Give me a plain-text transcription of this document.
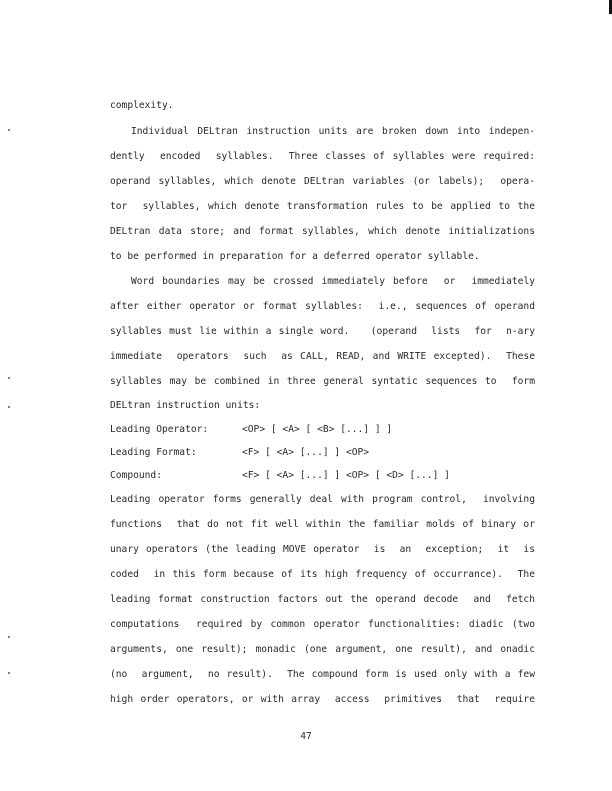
complexity.
Individual DELtran instruction units are broken down into indepen-
dently  encoded  syllables.  Three classes of syllables were required:
operand syllables, which denote DELtran variables (or labels);  opera-
tor  syllables, which denote transformation rules to be applied to the
DELtran data store; and format syllables, which denote initializations
to be performed in preparation for a deferred operator syllable.
Word boundaries may be crossed immediately before  or  immediately
after either operator or format syllables:  i.e., sequences of operand
syllables must lie within a single word.   (operand  lists  for  n-ary
immediate  operators  such  as CALL, READ, and WRITE excepted).  These
syllables may be combined in three general syntatic sequences to  form
DELtran instruction units:
Leading Operator:	<OP> [ <A> [ <B> [...] ] ]
Leading Format:	<F> [ <A> [...] ] <OP>
Compound:	<F> [ <A> [...] ] <OP> [ <D> [...] ]
Leading operator forms generally deal with program control,  involving
functions  that do not fit well within the familiar molds of binary or
unary operators (the leading MOVE operator  is  an  exception;  it  is
coded  in this form because of its high frequency of occurrance).  The
leading format construction factors out the operand decode  and  fetch
computations  required by common operator functionalities: diadic (two
arguments, one result); monadic (one argument, one result), and onadic
(no  argument,  no result).  The compound form is used only with a few
high order operators, or with array  access  primitives  that  require
47
